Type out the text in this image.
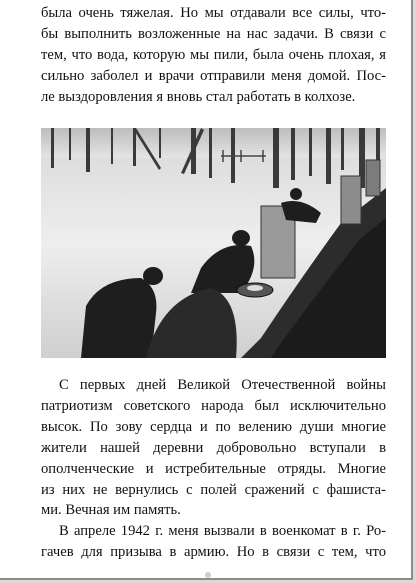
была очень тяжелая. Но мы отдавали все силы, что-
бы выполнить возложенные на нас задачи. В связи с
тем, что вода, которую мы пили, была очень плохая, я
сильно заболел и врачи отправили меня домой. Пос-
ле выздоровления я вновь стал работать в колхозе.
С первых дней Великой Отечественной войны
патриотизм советского народа был исключительно
высок. По зову сердца и по велению души многие
жители нашей деревни добровольно вступали в
ополченческие и истребительные отряды. Многие
из них не вернулись с полей сражений с фашиста-
ми. Вечная им память.
В апреле 1942 г. меня вызвали в военкомат в г. Ро-
гачев для призыва в армию. Но в связи с тем, что
